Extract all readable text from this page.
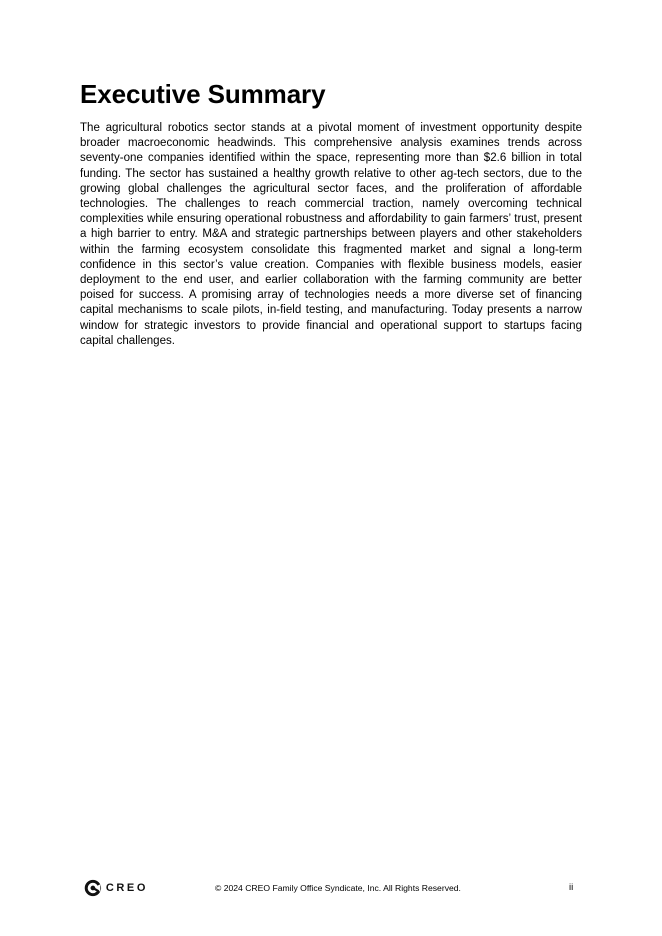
Executive Summary

The agricultural robotics sector stands at a pivotal moment of investment opportunity despite broader macroeconomic headwinds. This comprehensive analysis examines trends across seventy-one companies identified within the space, representing more than $2.6 billion in total funding. The sector has sustained a healthy growth relative to other ag-tech sectors, due to the growing global challenges the agricultural sector faces, and the proliferation of affordable technologies. The challenges to reach commercial traction, namely overcoming technical complexities while ensuring operational robustness and affordability to gain farmers’ trust, present a high barrier to entry. M&A and strategic partnerships between players and other stakeholders within the farming ecosystem consolidate this fragmented market and signal a long-term confidence in this sector’s value creation. Companies with flexible business models, easier deployment to the end user, and earlier collaboration with the farming community are better poised for success. A promising array of technologies needs a more diverse set of financing capital mechanisms to scale pilots, in-field testing, and manufacturing. Today presents a narrow window for strategic investors to provide financial and operational support to startups facing capital challenges.

CREO	© 2024 CREO Family Office Syndicate, Inc. All Rights Reserved.	ii
